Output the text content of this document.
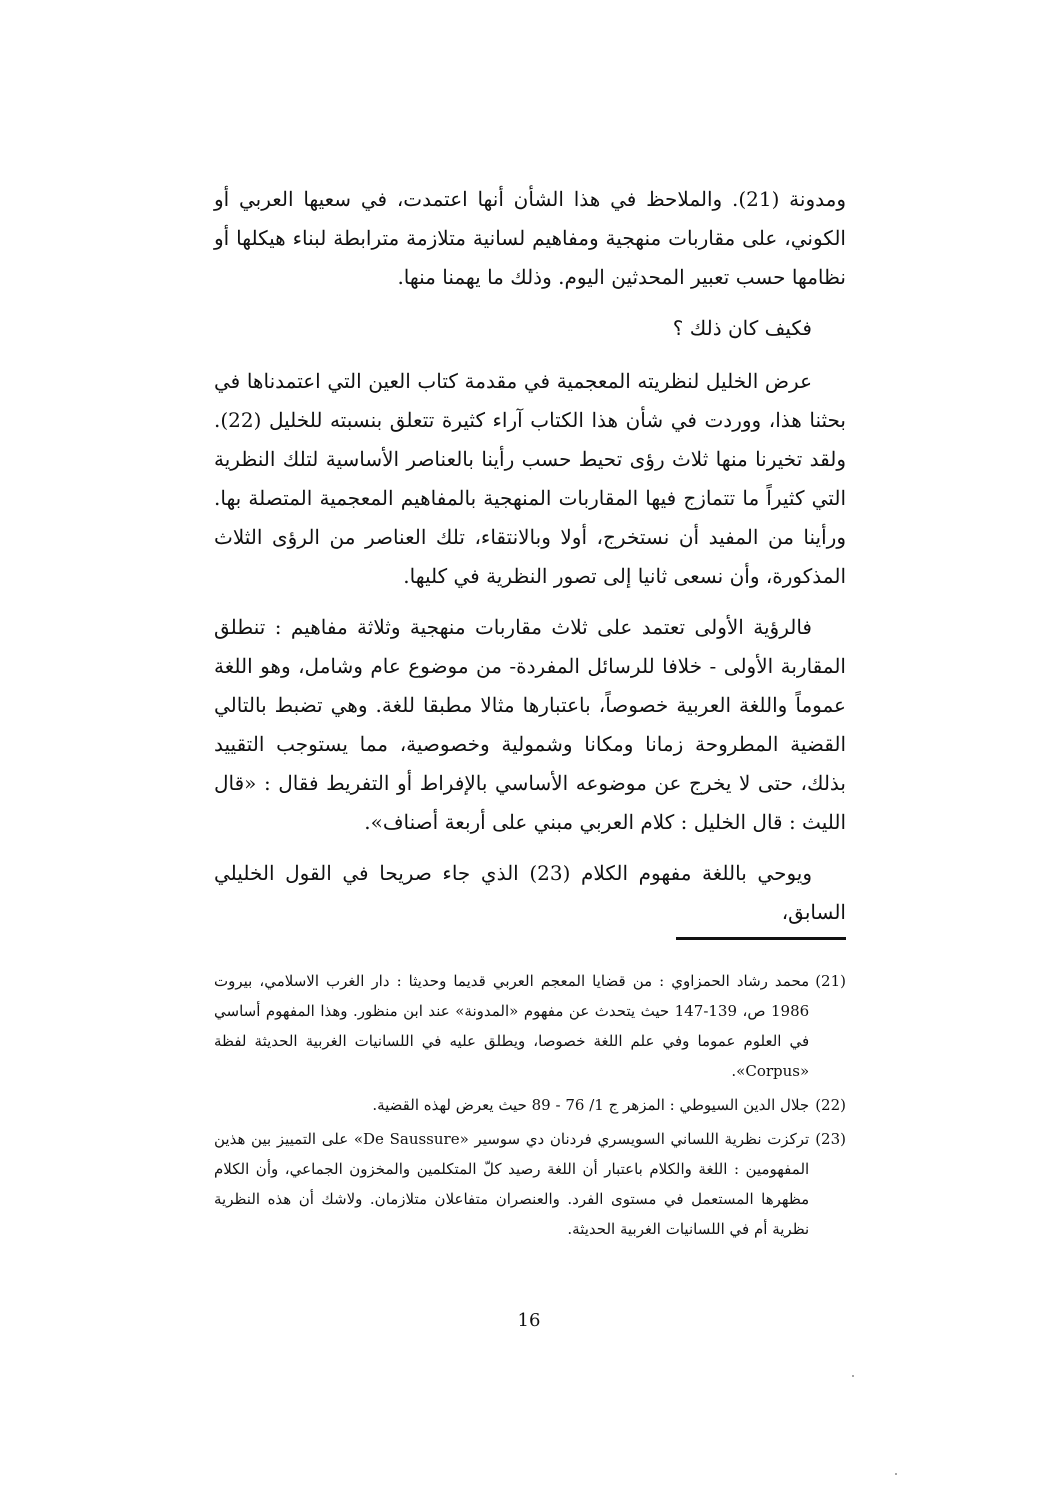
ومدونة (21). والملاحظ في هذا الشأن أنها اعتمدت، في سعيها العربي أو الكوني، على مقاربات منهجية ومفاهيم لسانية متلازمة مترابطة لبناء هيكلها أو نظامها حسب تعبير المحدثين اليوم. وذلك ما يهمنا منها.

فكيف كان ذلك ؟

عرض الخليل لنظريته المعجمية في مقدمة كتاب العين التي اعتمدناها في بحثنا هذا، ووردت في شأن هذا الكتاب آراء كثيرة تتعلق بنسبته للخليل (22). ولقد تخيرنا منها ثلاث رؤى تحيط حسب رأينا بالعناصر الأساسية لتلك النظرية التي كثيراً ما تتمازج فيها المقاربات المنهجية بالمفاهيم المعجمية المتصلة بها. ورأينا من المفيد أن نستخرج، أولا وبالانتقاء، تلك العناصر من الرؤى الثلاث المذكورة، وأن نسعى ثانيا إلى تصور النظرية في كليها.

فالرؤية الأولى تعتمد على ثلاث مقاربات منهجية وثلاثة مفاهيم : تنطلق المقاربة الأولى - خلافا للرسائل المفردة- من موضوع عام وشامل، وهو اللغة عموماً واللغة العربية خصوصاً، باعتبارها مثالا مطبقا للغة. وهي تضبط بالتالي القضية المطروحة زمانا ومكانا وشمولية وخصوصية، مما يستوجب التقييد بذلك، حتى لا يخرج عن موضوعه الأساسي بالإفراط أو التفريط فقال : «قال الليث : قال الخليل : كلام العربي مبني على أربعة أصناف».

ويوحي باللغة مفهوم الكلام (23) الذي جاء صريحا في القول الخليلي السابق،

(21)
محمد رشاد الحمزاوي : من قضايا المعجم العربي قديما وحديثا : دار الغرب الاسلامي، بيروت 1986 ص، 139-147 حيث يتحدث عن مفهوم «المدونة» عند ابن منظور. وهذا المفهوم أساسي في العلوم عموما وفي علم اللغة خصوصا، ويطلق عليه في اللسانيات الغربية الحديثة لفظة «Corpus».
(22)
جلال الدين السيوطي : المزهر ج 1/ 76 - 89 حيث يعرض لهذه القضية.
(23)
تركزت نظرية اللساني السويسري فردنان دي سوسير «De Saussure» على التمييز بين هذين المفهومين : اللغة والكلام باعتبار أن اللغة رصيد كلّ المتكلمين والمخزون الجماعي، وأن الكلام مظهرها المستعمل في مستوى الفرد. والعنصران متفاعلان متلازمان. ولاشك أن هذه النظرية نظرية أم في اللسانيات الغربية الحديثة.
16
